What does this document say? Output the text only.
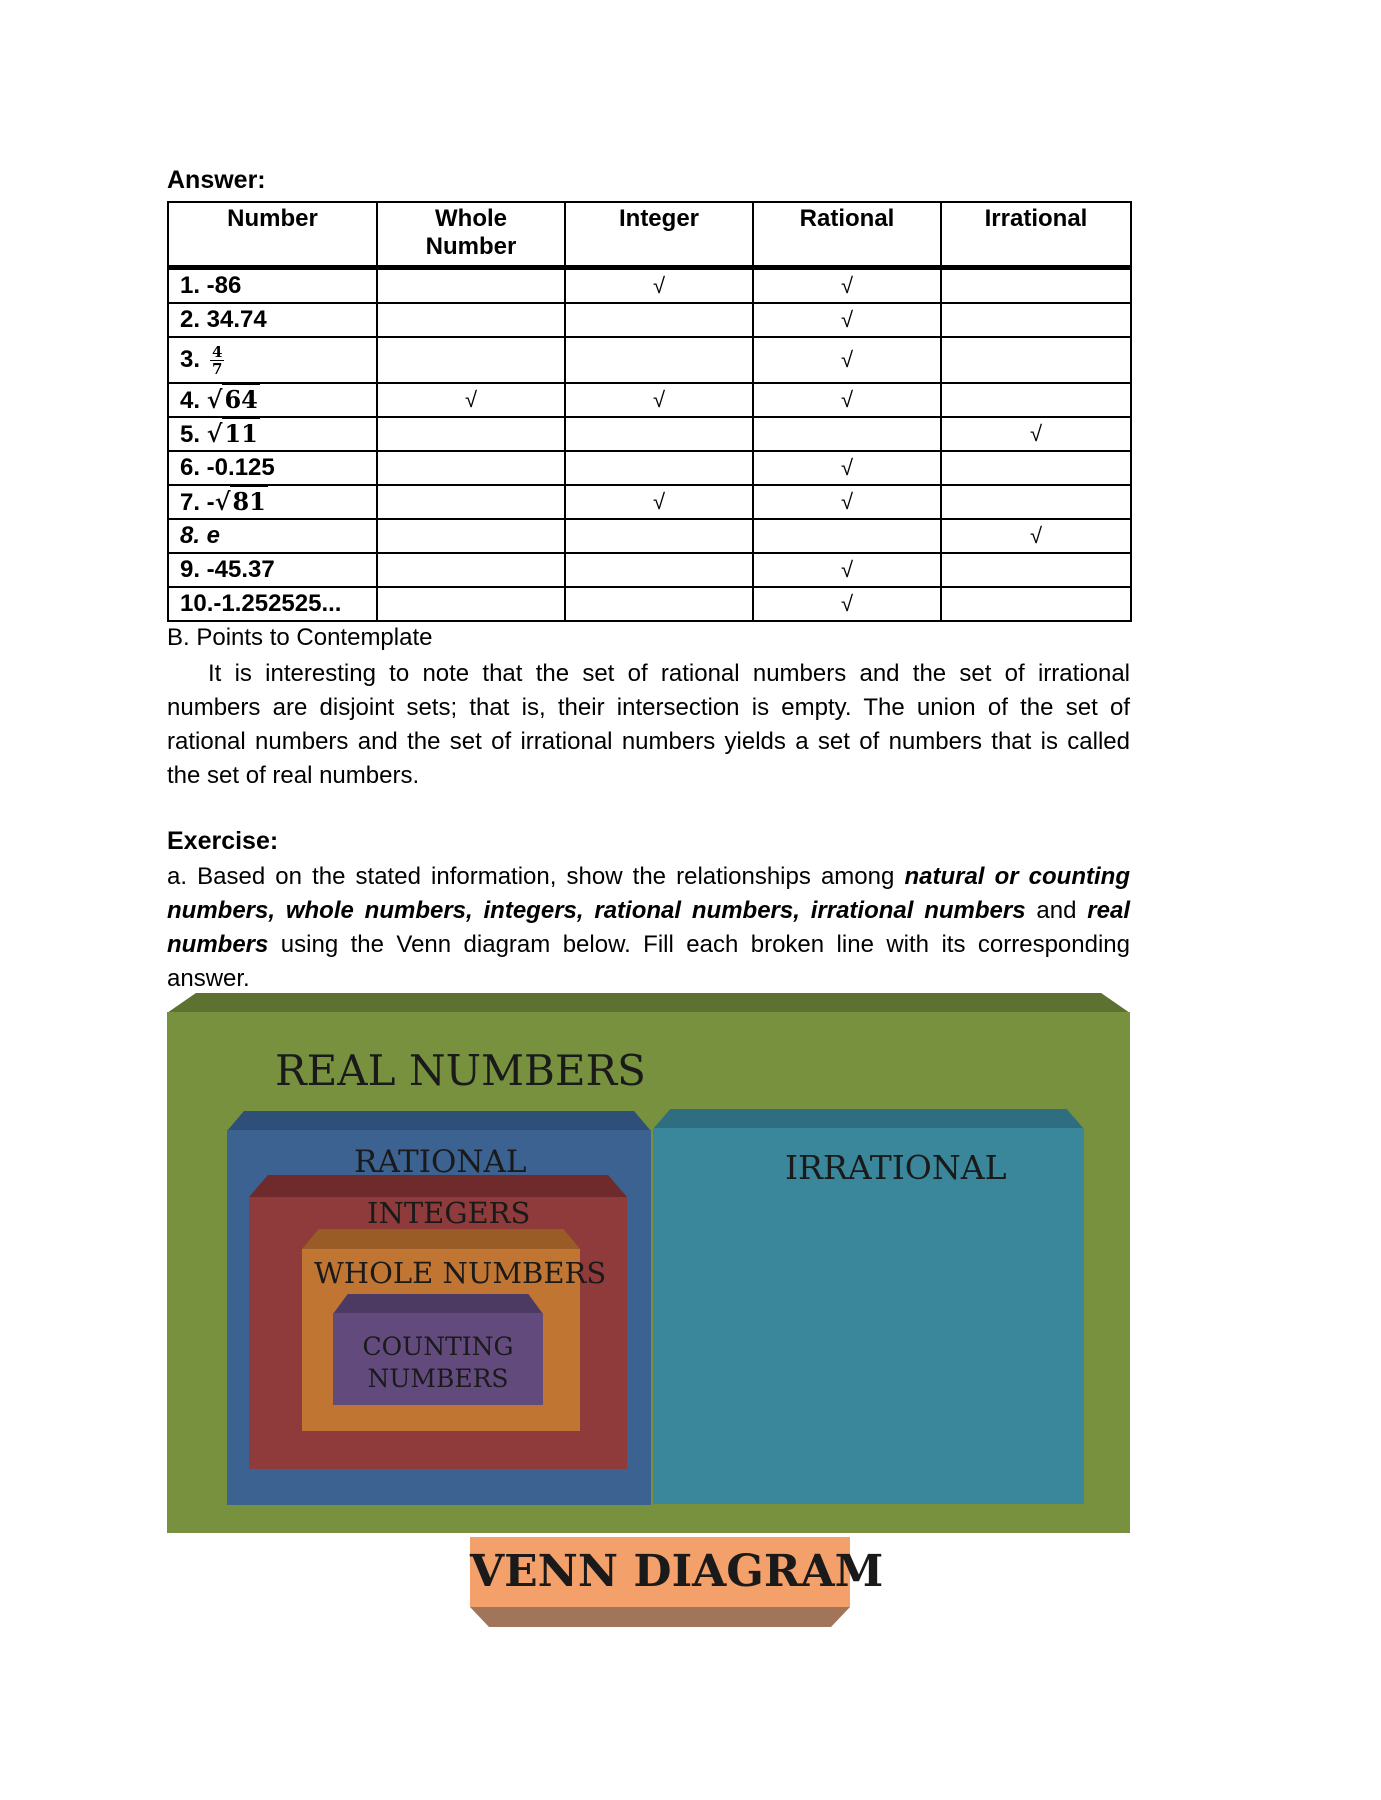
Answer:
Number	Whole Number	Integer	Rational	Irrational
1. -86		√	√	
2. 34.74			√	
3. $\frac{4}{7}$			√	
4. √64	√	√	√	
5. √11				√
6. -0.125			√	
7. -√81		√	√	
8. e				√
9. -45.37			√	
10.-1.252525...			√	
B. Points to Contemplate
It is interesting to note that the set of rational numbers and the set of irrational numbers are disjoint sets; that is, their intersection is empty. The union of the set of rational numbers and the set of irrational numbers yields a set of numbers that is called the set of real numbers.
Exercise:
a. Based on the stated information, show the relationships among natural or counting numbers, whole numbers, integers, rational numbers, irrational numbers and real numbers using the Venn diagram below. Fill each broken line with its corresponding answer.
REAL NUMBERS
RATIONAL	IRRATIONAL
INTEGERS
WHOLE NUMBERS
COUNTING
NUMBERS
VENN DIAGRAM
